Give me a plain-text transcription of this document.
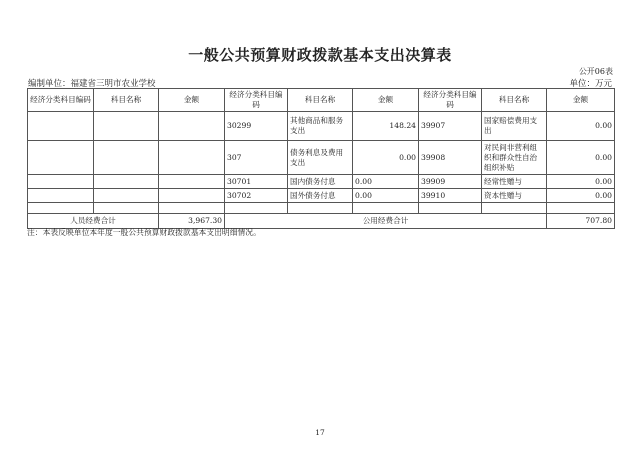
一般公共预算财政拨款基本支出决算表
公开06表
编制单位：福建省三明市农业学校	单位：万元
经济分类科目编码	科目名称	金额	经济分类科目编码	科目名称	金额	经济分类科目编码	科目名称	金额
			30299	其他商品和服务支出	148.24	39907	国家赔偿费用支出	0.00
			307	债务利息及费用支出	0.00	39908	对民间非营利组织和群众性自治组织补贴	0.00
			30701	国内债务付息	0.00	39909	经常性赠与	0.00
			30702	国外债务付息	0.00	39910	资本性赠与	0.00

人员经费合计		3,967.30	公用经费合计					707.80
注：本表反映单位本年度一般公共预算财政拨款基本支出明细情况。
17
